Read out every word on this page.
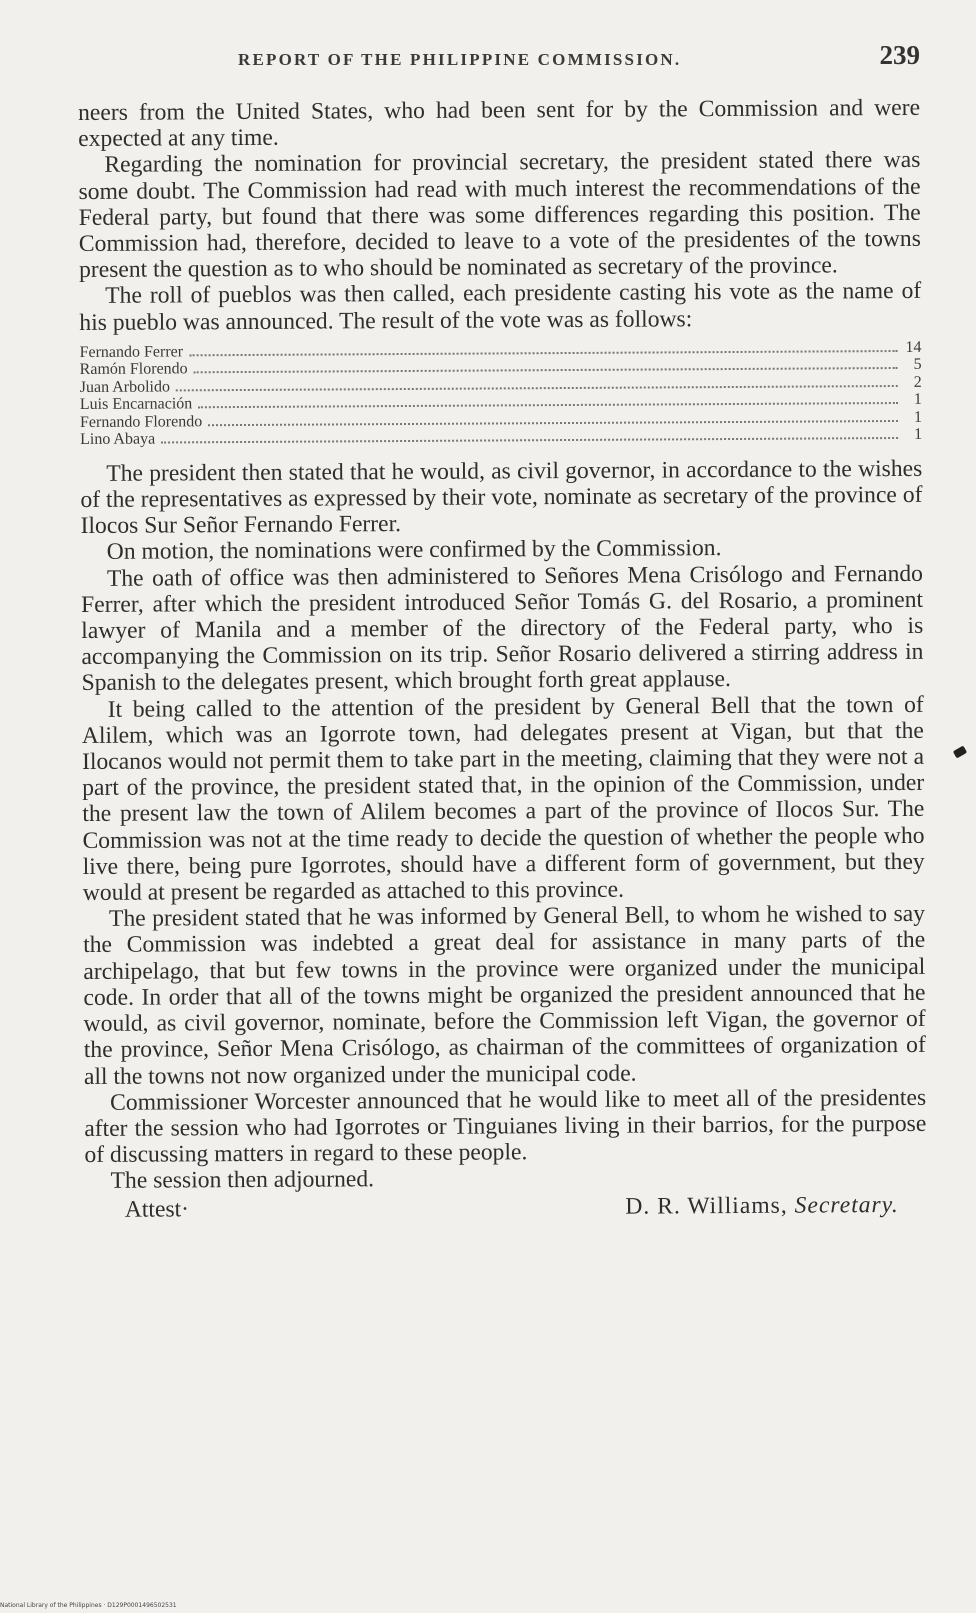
REPORT OF THE PHILIPPINE COMMISSION.	239

neers from the United States, who had been sent for by the Commission and were expected at any time.

Regarding the nomination for provincial secretary, the president stated there was some doubt. The Commission had read with much interest the recommendations of the Federal party, but found that there was some differences regarding this position. The Commission had, therefore, decided to leave to a vote of the presidentes of the towns present the question as to who should be nominated as secretary of the province.

The roll of pueblos was then called, each presidente casting his vote as the name of his pueblo was announced. The result of the vote was as follows:

Fernando Ferrer	14
Ramón Florendo	5
Juan Arbolido	2
Luis Encarnación	1
Fernando Florendo	1
Lino Abaya	1

The president then stated that he would, as civil governor, in accordance to the wishes of the representatives as expressed by their vote, nominate as secretary of the province of Ilocos Sur Señor Fernando Ferrer.

On motion, the nominations were confirmed by the Commission.

The oath of office was then administered to Señores Mena Crisólogo and Fernando Ferrer, after which the president introduced Señor Tomás G. del Rosario, a prominent lawyer of Manila and a member of the directory of the Federal party, who is accompanying the Commission on its trip. Señor Rosario delivered a stirring address in Spanish to the delegates present, which brought forth great applause.

It being called to the attention of the president by General Bell that the town of Alilem, which was an Igorrote town, had delegates present at Vigan, but that the Ilocanos would not permit them to take part in the meeting, claiming that they were not a part of the province, the president stated that, in the opinion of the Commission, under the present law the town of Alilem becomes a part of the province of Ilocos Sur. The Commission was not at the time ready to decide the question of whether the people who live there, being pure Igorrotes, should have a different form of government, but they would at present be regarded as attached to this province.

The president stated that he was informed by General Bell, to whom he wished to say the Commission was indebted a great deal for assistance in many parts of the archipelago, that but few towns in the province were organized under the municipal code. In order that all of the towns might be organized the president announced that he would, as civil governor, nominate, before the Commission left Vigan, the governor of the province, Señor Mena Crisólogo, as chairman of the committees of organization of all the towns not now organized under the municipal code.

Commissioner Worcester announced that he would like to meet all of the presidentes after the session who had Igorrotes or Tinguianes living in their barrios, for the purpose of discussing matters in regard to these people.

The session then adjourned.

Attest·	D. R. Williams, Secretary.
National Library of the Philippines · D129P0001496502531
